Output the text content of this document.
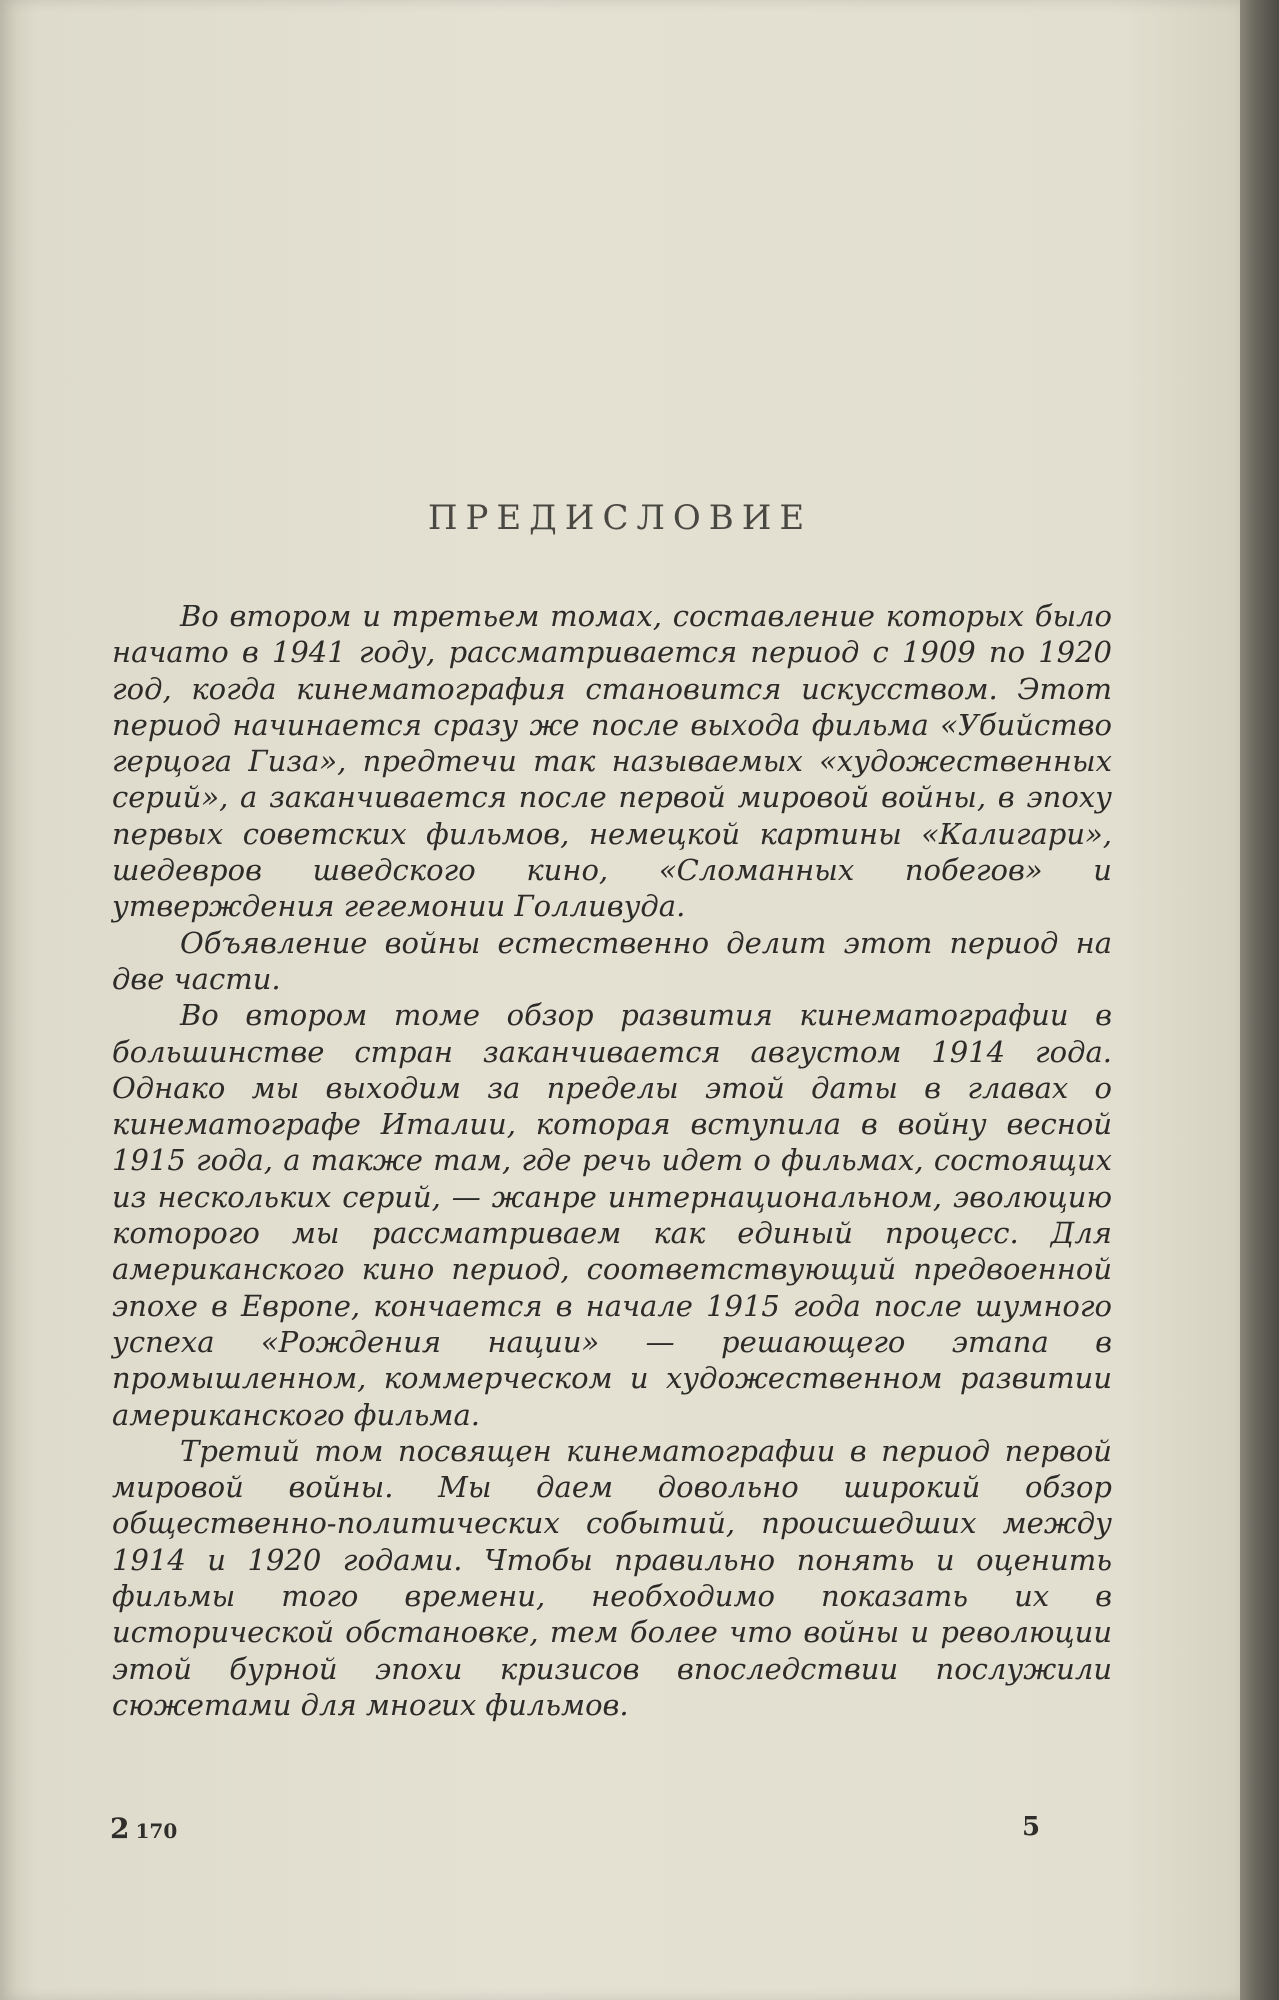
ПРЕДИСЛОВИЕ

Во втором и третьем томах, составление которых было начато в 1941 году, рассматривается период с 1909 по 1920 год, когда кинематография становится искусством. Этот период начинается сразу же после выхода фильма «Убийство герцога Гиза», предтечи так называемых «художественных серий», а заканчивается после первой мировой войны, в эпоху первых советских фильмов, немецкой картины «Калигари», шедевров шведского кино, «Сломанных побегов» и утверждения гегемонии Голливуда.

Объявление войны естественно делит этот период на две части.

Во втором томе обзор развития кинематографии в большинстве стран заканчивается августом 1914 года. Однако мы выходим за пределы этой даты в главах о кинематографе Италии, которая вступила в войну весной 1915 года, а также там, где речь идет о фильмах, состоящих из нескольких серий, — жанре интернациональном, эволюцию которого мы рассматриваем как единый процесс. Для американского кино период, соответствующий предвоенной эпохе в Европе, кончается в начале 1915 года после шумного успеха «Рождения нации» — решающего этапа в промышленном, коммерческом и художественном развитии американского фильма.

Третий том посвящен кинематографии в период первой мировой войны. Мы даем довольно широкий обзор общественно-политических событий, происшедших между 1914 и 1920 годами. Чтобы правильно понять и оценить фильмы того времени, необходимо показать их в исторической обстановке, тем более что войны и революции этой бурной эпохи кризисов впоследствии послужили сюжетами для многих фильмов.

2 170	5
